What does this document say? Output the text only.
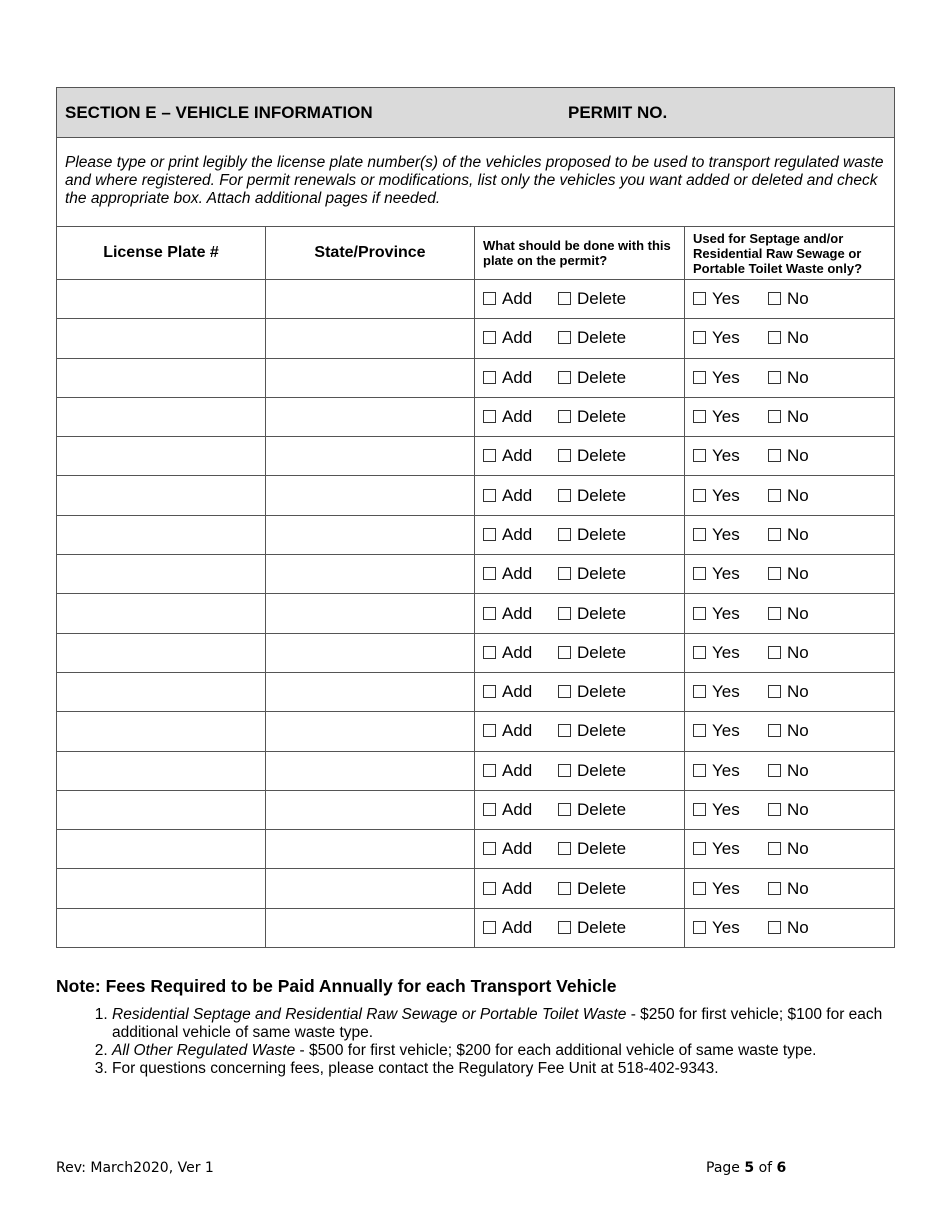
SECTION E – VEHICLE INFORMATION PERMIT NO.			

Please type or print legibly the license plate number(s) of the vehicles proposed to be used to transport regulated waste and where registered. For permit renewals or modifications, list only the vehicles you want added or deleted and check the appropriate box. Attach additional pages if needed.			
License Plate #	State/Province	What should be done with this plate on the permit?	Used for Septage and/or Residential Raw Sewage or Portable Toilet Waste only?
		Add Delete	Yes No
		Add Delete	Yes No
		Add Delete	Yes No
		Add Delete	Yes No
		Add Delete	Yes No
		Add Delete	Yes No
		Add Delete	Yes No
		Add Delete	Yes No
		Add Delete	Yes No
		Add Delete	Yes No
		Add Delete	Yes No
		Add Delete	Yes No
		Add Delete	Yes No
		Add Delete	Yes No
		Add Delete	Yes No
		Add Delete	Yes No
		Add Delete	Yes No
Note: Fees Required to be Paid Annually for each Transport Vehicle
1. Residential Septage and Residential Raw Sewage or Portable Toilet Waste - $250 for first vehicle; $100 for each additional vehicle of same waste type.
2. All Other Regulated Waste - $500 for first vehicle; $200 for each additional vehicle of same waste type.
3. For questions concerning fees, please contact the Regulatory Fee Unit at 518-402-9343.
Rev: March2020, Ver 1	Page 5 of 6
